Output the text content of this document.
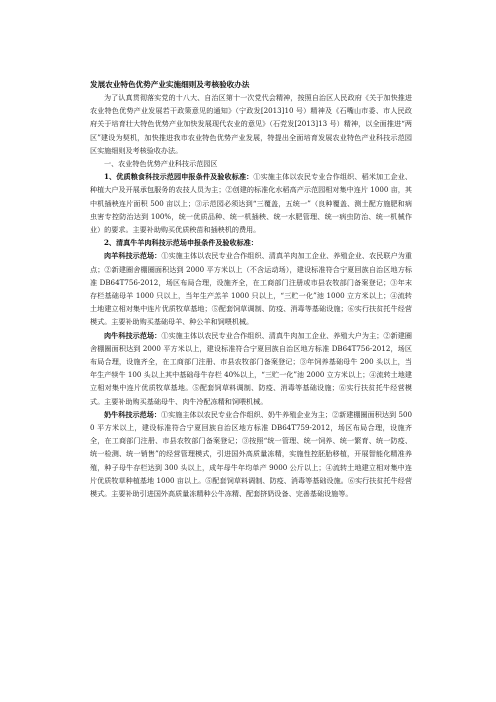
发展农业特色优势产业实施细则及考核验收办法

为了认真贯彻落实党的十八大、自治区第十一次党代会精神，按照自治区人民政府《关于加快推进农业特色优势产业发展若干政策意见的通知》（宁政发[2013]10 号）精神及《石嘴山市委、市人民政府关于培育壮大特色优势产业加快发展现代农业的意见》（石党发[2013]13 号）精神，以全面推进“两区”建设为契机，加快推进我市农业特色优势产业发展，特提出全面培育发展农业特色产业科技示范园区实施细则及考核验收办法。

一、农业特色优势产业科技示范园区

1、优质粮食科技示范园申报条件及验收标准：①实施主体以农民专业合作组织、稻米加工企业、种植大户及开展承包服务的农技人员为主；②创建的标准化水稻高产示范园相对集中连片 1000 亩，其中机插秧连片面积 500 亩以上；③示范园必须达到“三覆盖，五统一”（良种覆盖、测土配方施肥和病虫害专控防治达到 100%，统一优质品种、统一机插秧、统一水肥管理、统一病虫防治、统一机械作业）的要求。主要补助购买优质秧苗和插秧机的费用。

2、清真牛羊肉科技示范场申报条件及验收标准：

肉羊科技示范场：①实施主体以农民专业合作组织、清真羊肉加工企业、养殖企业、农民联户为重点；②新建圈舍棚圈面积达到 2000 平方米以上（不含运动场），建设标准符合宁夏回族自治区地方标准 DB64T756-2012，场区布局合理，设施齐全，在工商部门注册或市县农牧部门备案登记；③年末存栏基础母羊 1000 只以上，当年生产羔羊 1000 只以上，“三贮一化”池 1000 立方米以上；④流转土地建立相对集中连片优质牧草基地；⑤配套饲草调制、防疫、消毒等基础设施；⑥实行扶贫托牛经营模式。主要补助购买基础母羊、种公羊和饲喂机械。

肉牛科技示范场：①实施主体以农民专业合作组织、清真牛肉加工企业、养殖大户为主；②新建圈舍棚圈面积达到 2000 平方米以上，建设标准符合宁夏回族自治区地方标准 DB64T756-2012，场区布局合理，设施齐全，在工商部门注册、市县农牧部门备案登记；③年饲养基础母牛 200 头以上，当年生产犊牛 100 头以上其中基础母牛存栏 40%以上，“三贮一化”池 2000 立方米以上；④流转土地建立相对集中连片优质牧草基地。⑤配套饲草料调制、防疫、消毒等基础设施；⑥实行扶贫托牛经营模式。主要补助购买基础母牛、肉牛冷配冻精和饲喂机械。

奶牛科技示范场：①实施主体以农民专业合作组织、奶牛养殖企业为主；②新建棚圈面积达到 5000 平方米以上，建设标准符合宁夏回族自治区地方标准 DB64T759-2012，场区布局合理，设施齐全，在工商部门注册、市县农牧部门备案登记；③按照“统一管理、统一饲养、统一繁育、统一防疫、统一检测、统一销售”的经营管理模式，引进国外高质量冻精，实施性控胚胎移植，开展智能化精准养殖，种子母牛存栏达到 300 头以上，成年母牛年均单产 9000 公斤以上；④流转土地建立相对集中连片优质牧草种植基地 1000 亩以上。⑤配套饲草料调制、防疫、消毒等基础设施。⑥实行扶贫托牛经营模式。主要补助引进国外高质量冻精种公牛冻精、配套挤奶设备、完善基础设施等。
